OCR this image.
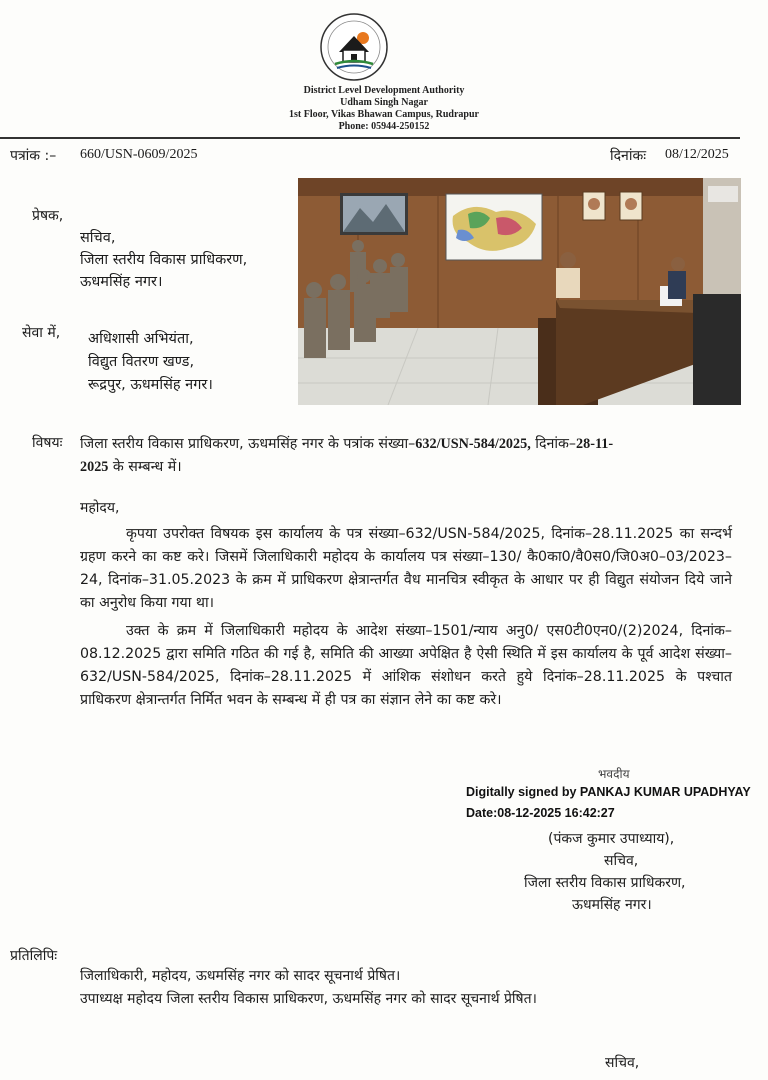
District Level Development Authority
Udham Singh Nagar
1st Floor, Vikas Bhawan Campus, Rudrapur
Phone: 05944-250152
पत्रांक :– 660/USN-0609/2025	दिनांकः 08/12/2025
प्रेषक,
सचिव,
जिला स्तरीय विकास प्राधिकरण,
ऊधमसिंह नगर।
सेवा में, अधिशासी अभियंता,
विद्युत वितरण खण्ड,
रूद्रपुर, ऊधमसिंह नगर।
विषयः जिला स्तरीय विकास प्राधिकरण, ऊधमसिंह नगर के पत्रांक संख्या–632/USN-584/2025, दिनांक–28-11-
2025 के सम्बन्ध में।
महोदय,
कृपया उपरोक्त विषयक इस कार्यालय के पत्र संख्या–632/USN-584/2025, दिनांक–28.11.2025 का सन्दर्भ ग्रहण करने का कष्ट करे। जिसमें जिलाधिकारी महोदय के कार्यालय पत्र संख्या–130/ कै0का0/वै0स0/जि0अ0–03/2023–24, दिनांक–31.05.2023 के क्रम में प्राधिकरण क्षेत्रान्तर्गत वैध मानचित्र स्वीकृत के आधार पर ही विद्युत संयोजन दिये जाने का अनुरोध किया गया था।
उक्त के क्रम में जिलाधिकारी महोदय के आदेश संख्या–1501/न्याय अनु0/ एस0टी0एन0/(2)2024, दिनांक–08.12.2025 द्वारा समिति गठित की गई है, समिति की आख्या अपेक्षित है ऐसी स्थिति में इस कार्यालय के पूर्व आदेश संख्या– 632/USN-584/2025, दिनांक–28.11.2025 में आंशिक संशोधन करते हुये दिनांक–28.11.2025 के पश्चात प्राधिकरण क्षेत्रान्तर्गत निर्मित भवन के सम्बन्ध में ही पत्र का संज्ञान लेने का कष्ट करे।
भवदीय
Digitally signed by PANKAJ KUMAR UPADHYAY
Date:08-12-2025 16:42:27
(पंकज कुमार उपाध्याय),
सचिव,
जिला स्तरीय विकास प्राधिकरण,
ऊधमसिंह नगर।
प्रतिलिपिः
जिलाधिकारी, महोदय, ऊधमसिंह नगर को सादर सूचनार्थ प्रेषित।
उपाध्यक्ष महोदय जिला स्तरीय विकास प्राधिकरण, ऊधमसिंह नगर को सादर सूचनार्थ प्रेषित।
सचिव,
